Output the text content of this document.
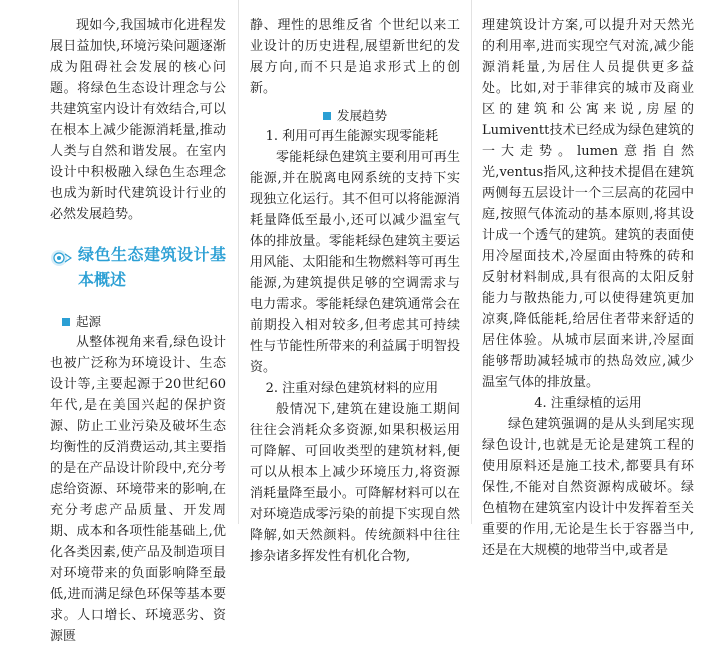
现如今,我国城市化进程发展日益加快,环境污染问题逐渐成为阻碍社会发展的核心问题。将绿色生态设计理念与公共建筑室内设计有效结合,可以在根本上减少能源消耗量,推动人类与自然和谐发展。在室内设计中积极融入绿色生态理念也成为新时代建筑设计行业的必然发展趋势。

绿色生态建筑设计基本概述
起源

从整体视角来看,绿色设计也被广泛称为环境设计、生态设计等,主要起源于20世纪60年代,是在美国兴起的保护资源、防止工业污染及破坏生态均衡性的反消费运动,其主要指的是在产品设计阶段中,充分考虑给资源、环境带来的影响,在充分考虑产品质量、开发周期、成本和各项性能基础上,优化各类因素,使产品及制造项目对环境带来的负面影响降至最低,进而满足绿色环保等基本要求。人口增长、环境恶劣、资源匮

静、理性的思维反省 个世纪以来工业设计的历史进程,展望新世纪的发展方向,而不只是追求形式上的创新。

发展趋势

1. 利用可再生能源实现零能耗

零能耗绿色建筑主要利用可再生能源,并在脱离电网系统的支持下实现独立化运行。其不但可以将能源消耗量降低至最小,还可以减少温室气体的排放量。零能耗绿色建筑主要运用风能、太阳能和生物燃料等可再生能源,为建筑提供足够的空调需求与电力需求。零能耗绿色建筑通常会在前期投入相对较多,但考虑其可持续性与节能性所带来的利益属于明智投资。

2. 注重对绿色建筑材料的应用

般情况下,建筑在建设施工期间往往会消耗众多资源,如果积极运用可降解、可回收类型的建筑材料,便可以从根本上减少环境压力,将资源消耗量降至最小。可降解材料可以在对环境造成零污染的前提下实现自然降解,如天然颜料。传统颜料中往往掺杂诸多挥发性有机化合物,

理建筑设计方案,可以提升对天然光的利用率,进而实现空气对流,减少能源消耗量,为居住人员提供更多益处。比如,对于菲律宾的城市及商业区的建筑和公寓来说,房屋的Lumiventt技术已经成为绿色建筑的一大走势。lumen意指自然光,ventus指风,这种技术提倡在建筑两侧每五层设计一个三层高的花园中庭,按照气体流动的基本原则,将其设计成一个透气的建筑。建筑的表面使用冷屋面技术,冷屋面由特殊的砖和反射材料制成,具有很高的太阳反射能力与散热能力,可以使得建筑更加凉爽,降低能耗,给居住者带来舒适的居住体验。从城市层面来讲,冷屋面能够帮助减轻城市的热岛效应,减少温室气体的排放量。

4. 注重绿植的运用

绿色建筑强调的是从头到尾实现绿色设计,也就是无论是建筑工程的使用原料还是施工技术,都要具有环保性,不能对自然资源构成破坏。绿色植物在建筑室内设计中发挥着至关重要的作用,无论是生长于容器当中,还是在大规模的地带当中,或者是
